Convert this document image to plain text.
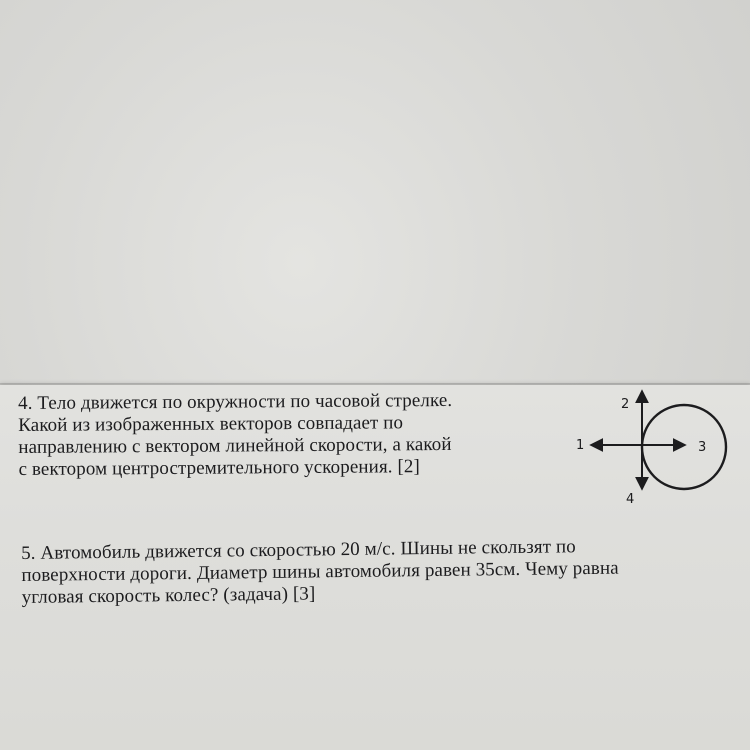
4. Тело движется по окружности по часовой стрелке.
Какой из изображенных векторов совпадает по
направлению с вектором линейной скорости, а какой
с вектором центростремительного ускорения. [2]
2
1	3
4
5. Автомобиль движется со скоростью 20 м/с. Шины не скользят по
поверхности дороги. Диаметр шины автомобиля равен 35см. Чему равна
угловая скорость колес? (задача) [3]
